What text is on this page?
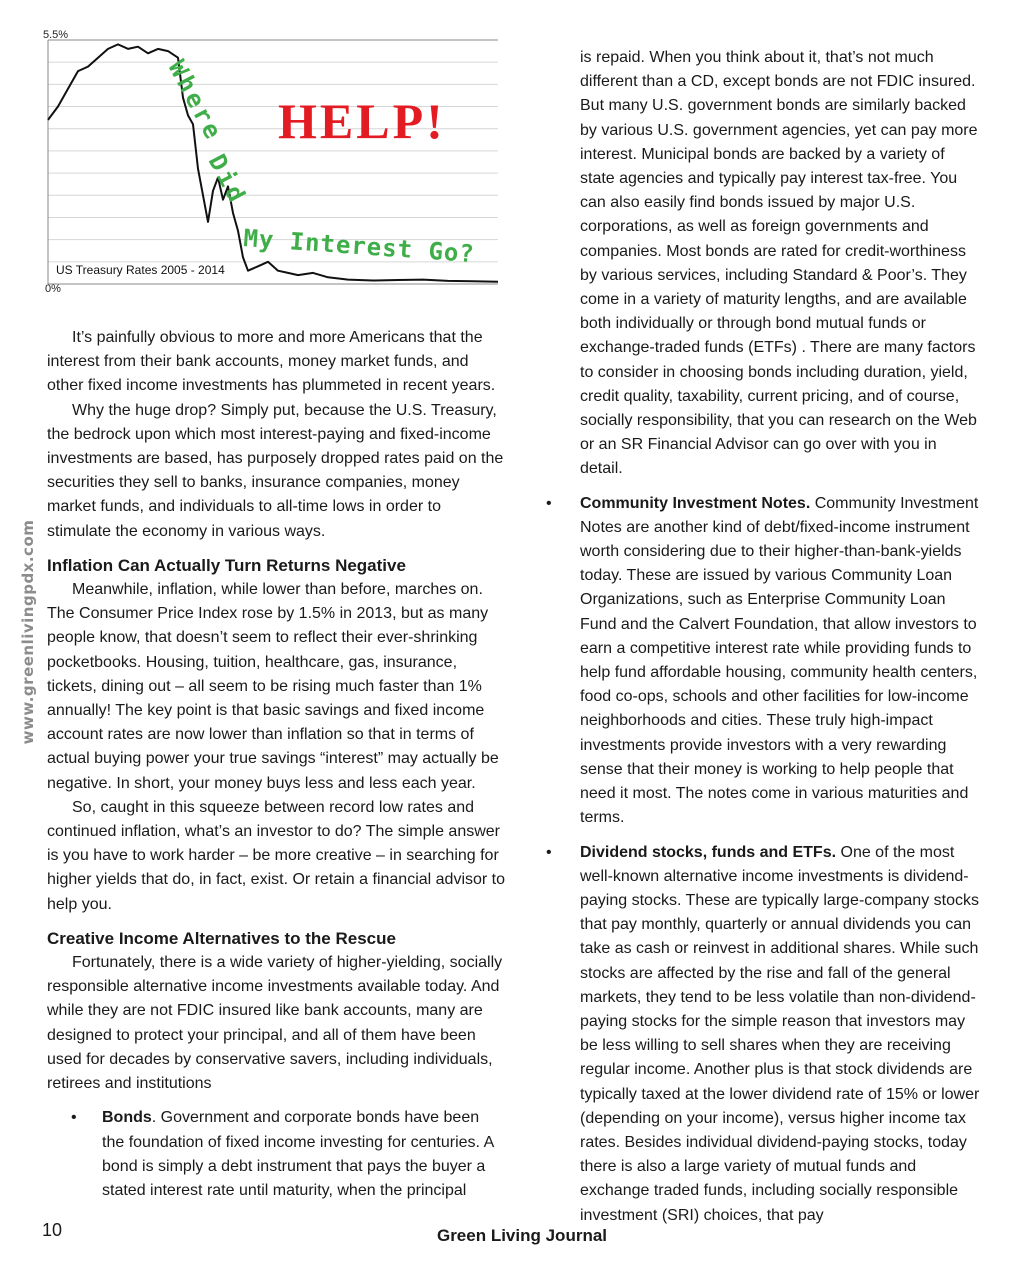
5.5%
0%
US Treasury Rates 2005 - 2014
HELP!
Where
Did
My Interest Go?
www.greenlivingpdx.com

It’s painfully obvious to more and more Americans that the interest from their bank accounts, money market funds, and other fixed income investments has plummeted in recent years.

Why the huge drop? Simply put, because the U.S. Treasury, the bedrock upon which most interest-paying and fixed-income investments are based, has purposely dropped rates paid on the securities they sell to banks, insurance companies, money market funds, and individuals to all-time lows in order to stimulate the economy in various ways.

Inflation Can Actually Turn Returns Negative

Meanwhile, inflation, while lower than before, marches on. The Consumer Price Index rose by 1.5% in 2013, but as many people know, that doesn’t seem to reflect their ever-shrinking pocketbooks. Housing, tuition, healthcare, gas, insurance, tickets, dining out – all seem to be rising much faster than 1% annually! The key point is that basic savings and fixed income account rates are now lower than inflation so that in terms of actual buying power your true savings “interest” may actually be negative. In short, your money buys less and less each year.

So, caught in this squeeze between record low rates and continued inflation, what’s an investor to do? The simple answer is you have to work harder – be more creative – in searching for higher yields that do, in fact, exist. Or retain a financial advisor to help you.

Creative Income Alternatives to the Rescue

Fortunately, there is a wide variety of higher-yielding, socially responsible alternative income investments available today. And while they are not FDIC insured like bank accounts, many are designed to protect your principal, and all of them have been used for decades by conservative savers, including individuals, retirees and institutions

• Bonds. Government and corporate bonds have been the foundation of fixed income investing for centuries. A bond is simply a debt instrument that pays the buyer a stated interest rate until maturity, when the principal

is repaid. When you think about it, that’s not much different than a CD, except bonds are not FDIC insured. But many U.S. government bonds are similarly backed by various U.S. government agencies, yet can pay more interest. Municipal bonds are backed by a variety of state agencies and typically pay interest tax-free. You can also easily find bonds issued by major U.S. corporations, as well as foreign governments and companies. Most bonds are rated for credit-worthiness by various services, including Standard & Poor’s. They come in a variety of maturity lengths, and are available both individually or through bond mutual funds or exchange-traded funds (ETFs) . There are many factors to consider in choosing bonds including duration, yield, credit quality, taxability, current pricing, and of course, socially responsibility, that you can research on the Web or an SR Financial Advisor can go over with you in detail.

• Community Investment Notes. Community Investment Notes are another kind of debt/fixed-income instrument worth considering due to their higher-than-bank-yields today. These are issued by various Community Loan Organizations, such as Enterprise Community Loan Fund and the Calvert Foundation, that allow investors to earn a competitive interest rate while providing funds to help fund affordable housing, community health centers, food co-ops, schools and other facilities for low-income neighborhoods and cities. These truly high-impact investments provide investors with a very rewarding sense that their money is working to help people that need it most. The notes come in various maturities and terms.
• Dividend stocks, funds and ETFs. One of the most well-known alternative income investments is dividend-paying stocks. These are typically large-company stocks that pay monthly, quarterly or annual dividends you can take as cash or reinvest in additional shares. While such stocks are affected by the rise and fall of the general markets, they tend to be less volatile than non-dividend-paying stocks for the simple reason that investors may be less willing to sell shares when they are receiving regular income. Another plus is that stock dividends are typically taxed at the lower dividend rate of 15% or lower (depending on your income), versus higher income tax rates. Besides individual dividend-paying stocks, today there is also a large variety of mutual funds and exchange traded funds, including socially responsible investment (SRI) choices, that pay
10	Green Living Journal
